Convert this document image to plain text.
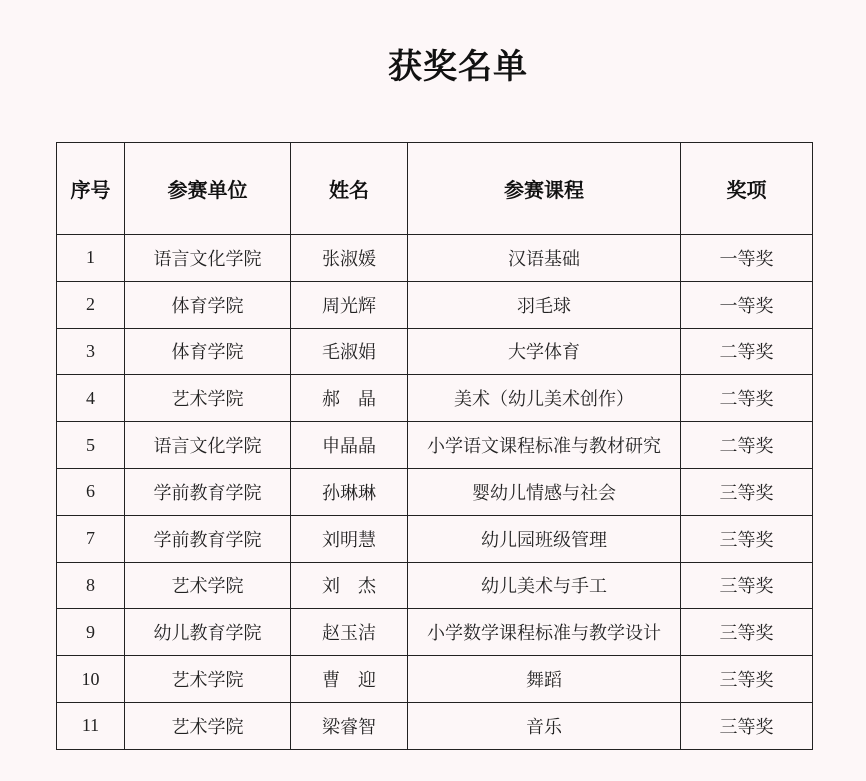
获奖名单
序号	参赛单位	姓名	参赛课程	奖项
1	语言文化学院	张淑媛	汉语基础	一等奖
2	体育学院	周光辉	羽毛球	一等奖
3	体育学院	毛淑娟	大学体育	二等奖
4	艺术学院	郝　晶	美术（幼儿美术创作）	二等奖
5	语言文化学院	申晶晶	小学语文课程标准与教材研究	二等奖
6	学前教育学院	孙琳琳	婴幼儿情感与社会	三等奖
7	学前教育学院	刘明慧	幼儿园班级管理	三等奖
8	艺术学院	刘　杰	幼儿美术与手工	三等奖
9	幼儿教育学院	赵玉洁	小学数学课程标准与教学设计	三等奖
10	艺术学院	曹　迎	舞蹈	三等奖
11	艺术学院	梁睿智	音乐	三等奖
